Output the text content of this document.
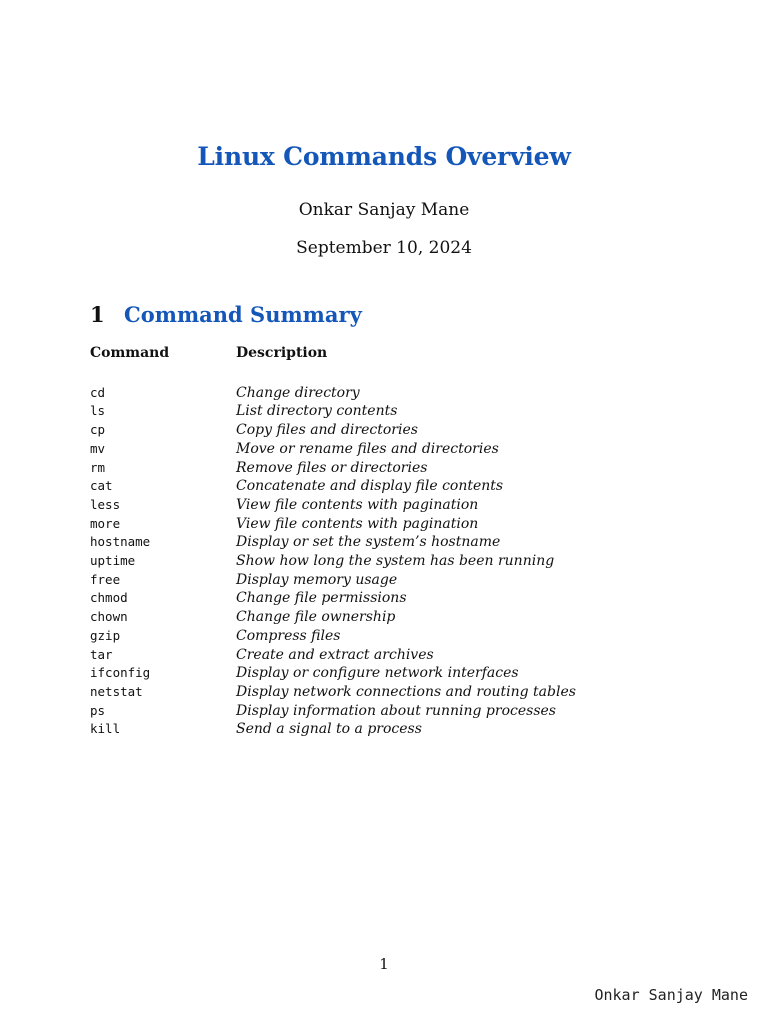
Linux Commands Overview
Onkar Sanjay Mane
September 10, 2024
1 Command Summary
Command	Description

cd	Change directory
ls	List directory contents
cp	Copy files and directories
mv	Move or rename files and directories
rm	Remove files or directories
cat	Concatenate and display file contents
less	View file contents with pagination
more	View file contents with pagination
hostname	Display or set the system’s hostname
uptime	Show how long the system has been running
free	Display memory usage
chmod	Change file permissions
chown	Change file ownership
gzip	Compress files
tar	Create and extract archives
ifconfig	Display or configure network interfaces
netstat	Display network connections and routing tables
ps	Display information about running processes
kill	Send a signal to a process
1
Onkar Sanjay Mane
